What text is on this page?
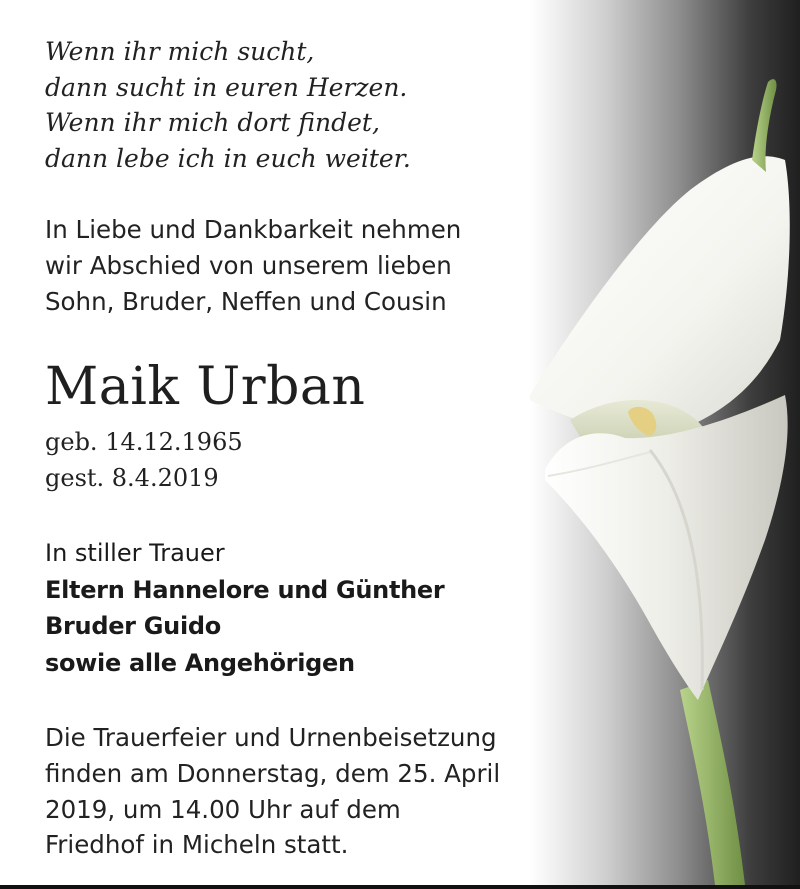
Wenn ihr mich sucht,
dann sucht in euren Herzen.
Wenn ihr mich dort findet,
dann lebe ich in euch weiter.
In Liebe und Dankbarkeit nehmen
wir Abschied von unserem lieben
Sohn, Bruder, Neffen und Cousin
Maik Urban
geb. 14.12.1965
gest. 8.4.2019
In stiller Trauer
Eltern Hannelore und Günther
Bruder Guido
sowie alle Angehörigen
Die Trauerfeier und Urnenbeisetzung
finden am Donnerstag, dem 25. April
2019, um 14.00 Uhr auf dem
Friedhof in Micheln statt.
